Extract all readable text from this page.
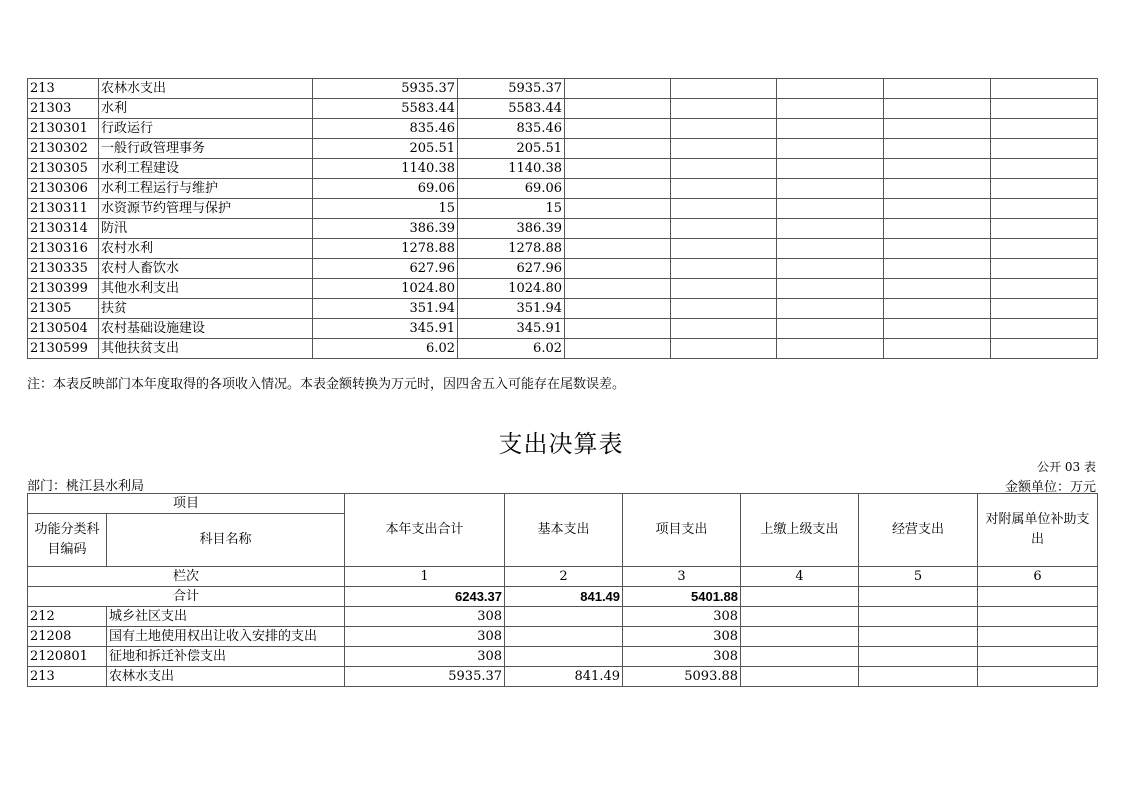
213	农林水支出	5935.37	5935.37					
21303	水利	5583.44	5583.44					
2130301	行政运行	835.46	835.46					
2130302	一般行政管理事务	205.51	205.51					
2130305	水利工程建设	1140.38	1140.38					
2130306	水利工程运行与维护	69.06	69.06					
2130311	水资源节约管理与保护	15	15					
2130314	防汛	386.39	386.39					
2130316	农村水利	1278.88	1278.88					
2130335	农村人畜饮水	627.96	627.96					
2130399	其他水利支出	1024.80	1024.80					
21305	扶贫	351.94	351.94					
2130504	农村基础设施建设	345.91	345.91					
2130599	其他扶贫支出	6.02	6.02					
注：本表反映部门本年度取得的各项收入情况。本表金额转换为万元时，因四舍五入可能存在尾数误差。
支出决算表
公开 03 表
部门：桃江县水利局	金额单位：万元
项目		本年支出合计	基本支出	项目支出	上缴上级支出	经营支出	对附属单位补助支出
功能分类科目编码	科目名称						
栏次		1	2	3	4	5	6
合计		6243.37	841.49	5401.88			
212	城乡社区支出	308		308			
21208	国有土地使用权出让收入安排的支出	308		308			
2120801	征地和拆迁补偿支出	308		308			
213	农林水支出	5935.37	841.49	5093.88			
